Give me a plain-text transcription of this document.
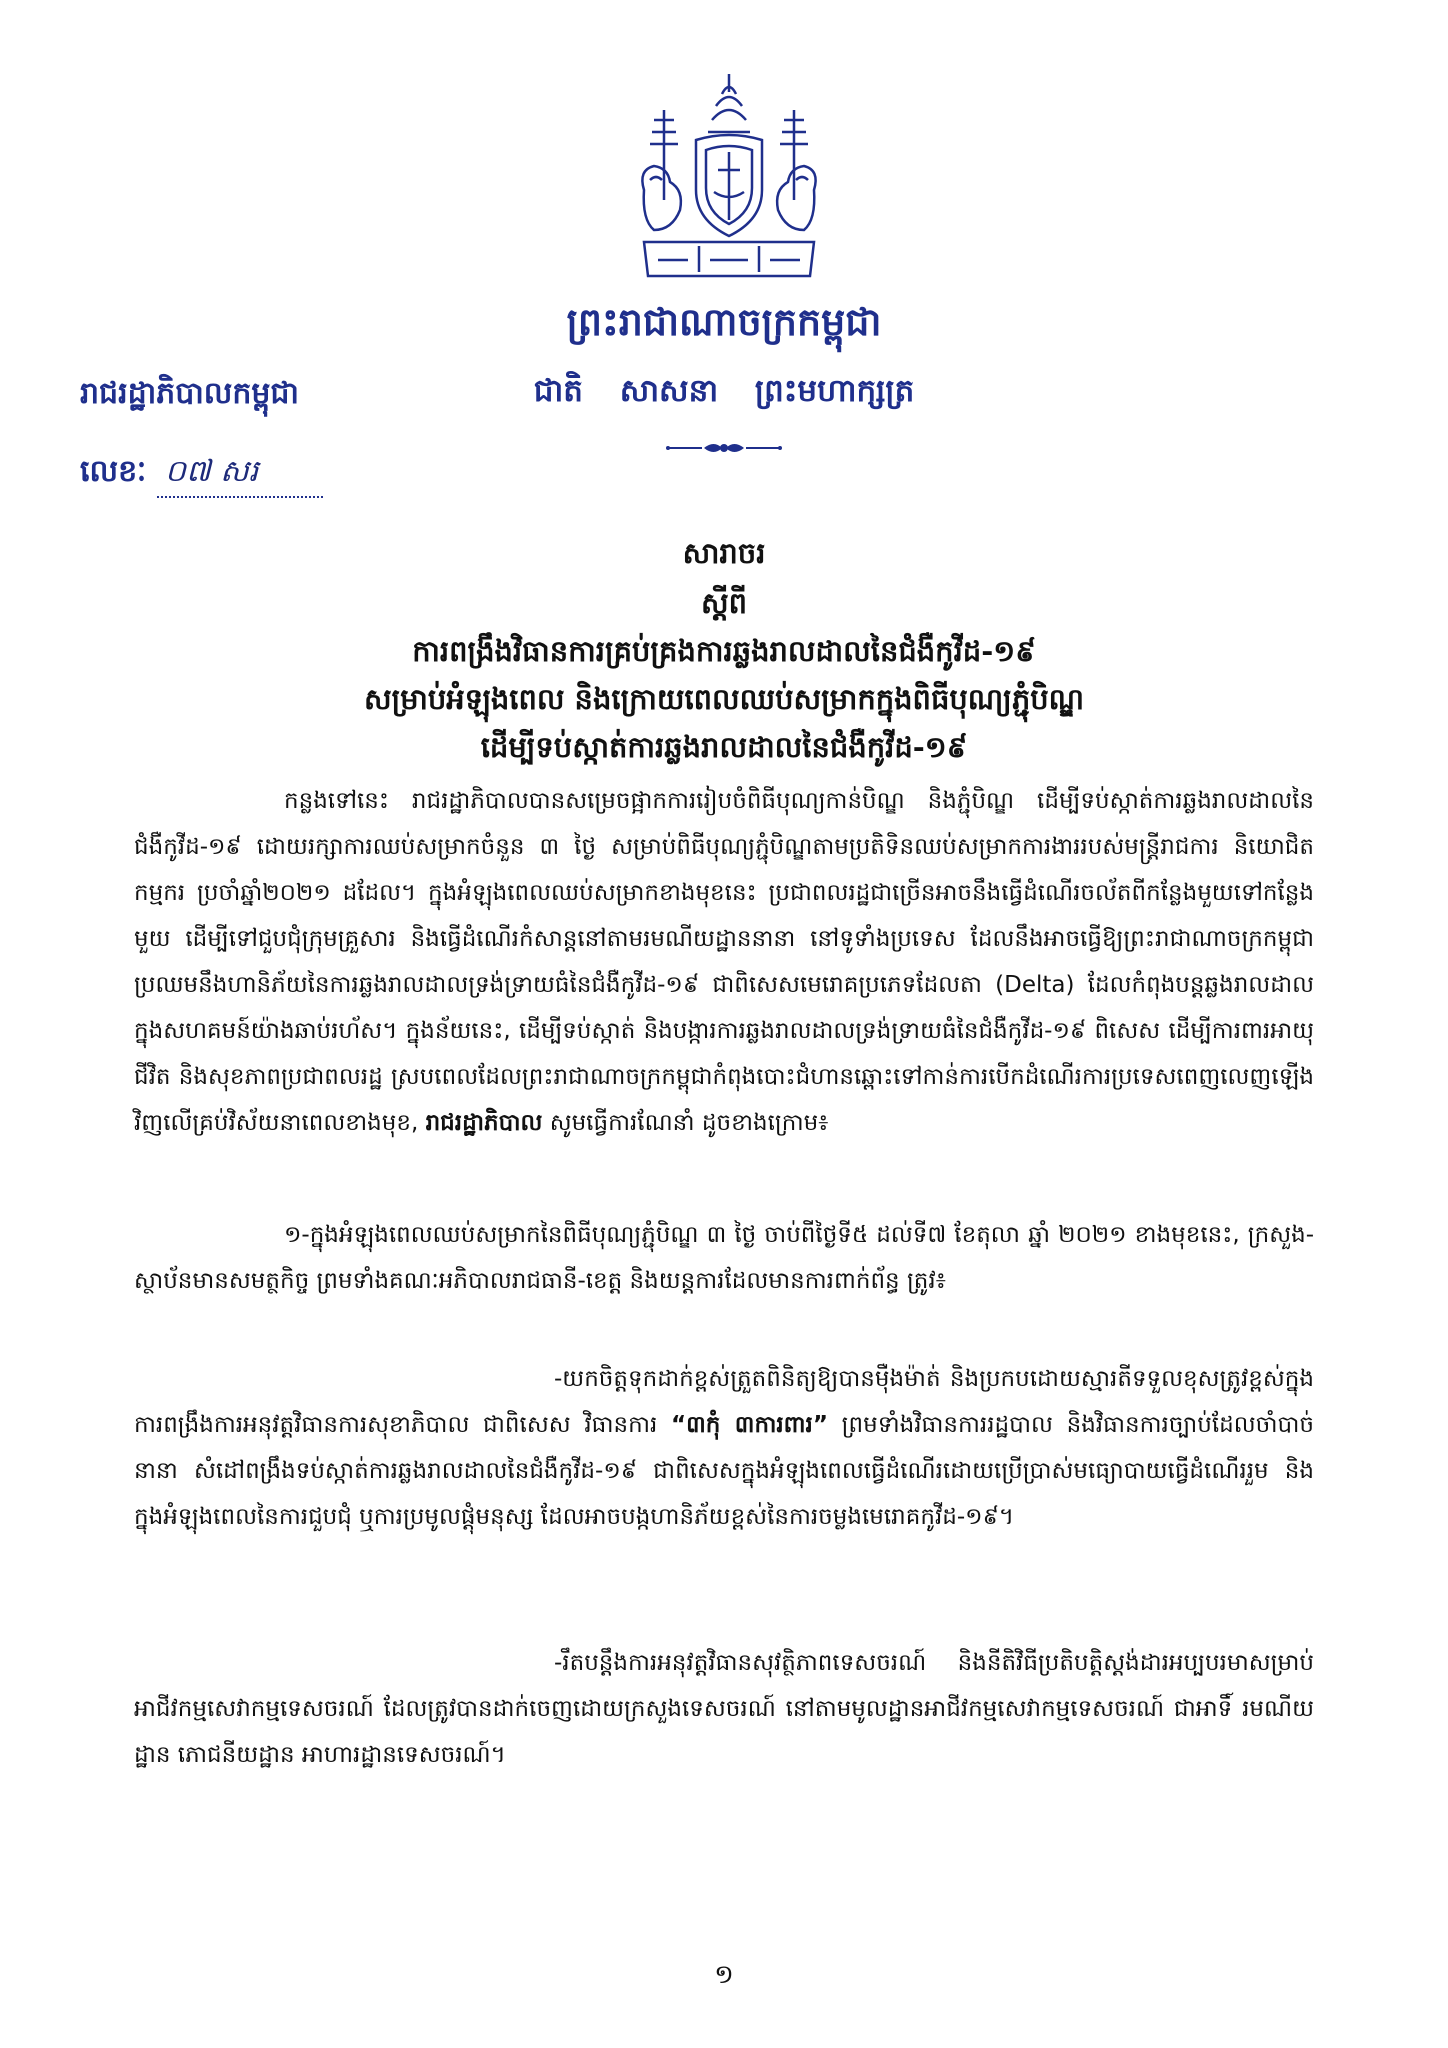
ព្រះរាជាណាចក្រកម្ពុជា
រាជរដ្ឋាភិបាលកម្ពុជា	ជាតិ សាសនា ព្រះមហាក្សត្រ
លេខៈ ០៧ សរ
សារាចរ
ស្តីពី
ការពង្រឹងវិធានការគ្រប់គ្រងការឆ្លងរាលដាលនៃជំងឺកូវីដ-១៩
សម្រាប់អំឡុងពេល និងក្រោយពេលឈប់សម្រាកក្នុងពិធីបុណ្យភ្ជុំបិណ្ឌ
ដើម្បីទប់ស្កាត់ការឆ្លងរាលដាលនៃជំងឺកូវីដ-១៩
កន្លងទៅនេះ រាជរដ្ឋាភិបាលបានសម្រេចផ្អាកការរៀបចំពិធីបុណ្យកាន់បិណ្ឌ និងភ្ជុំបិណ្ឌ ដើម្បីទប់ស្កាត់ការឆ្លងរាលដាលនៃជំងឺកូវីដ-១៩ ដោយរក្សាការឈប់សម្រាកចំនួន ៣ ថ្ងៃ សម្រាប់ពិធីបុណ្យភ្ជុំបិណ្ឌតាមប្រតិទិនឈប់សម្រាកការងាររបស់មន្ត្រីរាជការ និយោជិត កម្មករ ប្រចាំឆ្នាំ២០២១ ដដែល។ ក្នុងអំឡុងពេលឈប់សម្រាកខាងមុខនេះ ប្រជាពលរដ្ឋជាច្រើនអាចនឹងធ្វើដំណើរចល័តពីកន្លែងមួយទៅកន្លែងមួយ ដើម្បីទៅជួបជុំក្រុមគ្រួសារ និងធ្វើដំណើរកំសាន្តនៅតាមរមណីយដ្ឋាននានា នៅទូទាំងប្រទេស ដែលនឹងអាចធ្វើឱ្យព្រះរាជាណាចក្រកម្ពុជាប្រឈមនឹងហានិភ័យនៃការឆ្លងរាលដាលទ្រង់ទ្រាយធំនៃជំងឺកូវីដ-១៩ ជាពិសេសមេរោគប្រភេទដែលតា (Delta) ដែលកំពុងបន្តឆ្លងរាលដាលក្នុងសហគមន៍យ៉ាងឆាប់រហ័ស។ ក្នុងន័យនេះ, ដើម្បីទប់ស្កាត់ និងបង្ការការឆ្លងរាលដាលទ្រង់ទ្រាយធំនៃជំងឺកូវីដ-១៩ ពិសេស ដើម្បីការពារអាយុជីវិត និងសុខភាពប្រជាពលរដ្ឋ ស្របពេលដែលព្រះរាជាណាចក្រកម្ពុជាកំពុងបោះជំហានឆ្ពោះទៅកាន់ការបើកដំណើរការប្រទេសពេញលេញឡើងវិញលើគ្រប់វិស័យនាពេលខាងមុខ, រាជរដ្ឋាភិបាល សូមធ្វើការណែនាំ ដូចខាងក្រោម៖
១-ក្នុងអំឡុងពេលឈប់សម្រាកនៃពិធីបុណ្យភ្ជុំបិណ្ឌ ៣ ថ្ងៃ ចាប់ពីថ្ងៃទី៥ ដល់ទី៧ ខែតុលា ឆ្នាំ ២០២១ ខាងមុខនេះ, ក្រសួង-ស្ថាប័នមានសមត្ថកិច្ច ព្រមទាំងគណៈអភិបាលរាជធានី-ខេត្ត និងយន្តការដែលមានការពាក់ព័ន្ធ ត្រូវ៖
-យកចិត្តទុកដាក់ខ្ពស់ត្រួតពិនិត្យឱ្យបានម៉ឺងម៉ាត់ និងប្រកបដោយស្មារតីទទួលខុសត្រូវខ្ពស់ក្នុងការពង្រឹងការអនុវត្តវិធានការសុខាភិបាល ជាពិសេស វិធានការ “៣កុំ ៣ការពារ” ព្រមទាំងវិធានការរដ្ឋបាល និងវិធានការច្បាប់ដែលចាំបាច់នានា សំដៅពង្រឹងទប់ស្កាត់ការឆ្លងរាលដាលនៃជំងឺកូវីដ-១៩ ជាពិសេសក្នុងអំឡុងពេលធ្វើដំណើរដោយប្រើប្រាស់មធ្យោបាយធ្វើដំណើររួម និងក្នុងអំឡុងពេលនៃការជួបជុំ ឬការប្រមូលផ្តុំមនុស្ស ដែលអាចបង្កហានិភ័យខ្ពស់នៃការចម្លងមេរោគកូវីដ-១៩។
-រឹតបន្តឹងការអនុវត្តវិធានសុវត្ថិភាពទេសចរណ៍ និងនីតិវិធីប្រតិបត្តិស្តង់ដារអប្បបរមាសម្រាប់អាជីវកម្មសេវាកម្មទេសចរណ៍ ដែលត្រូវបានដាក់ចេញដោយក្រសួងទេសចរណ៍ នៅតាមមូលដ្ឋានអាជីវកម្មសេវាកម្មទេសចរណ៍ ជាអាទិ៍ រមណីយដ្ឋាន ភោជនីយដ្ឋាន អាហារដ្ឋានទេសចរណ៍។
១
